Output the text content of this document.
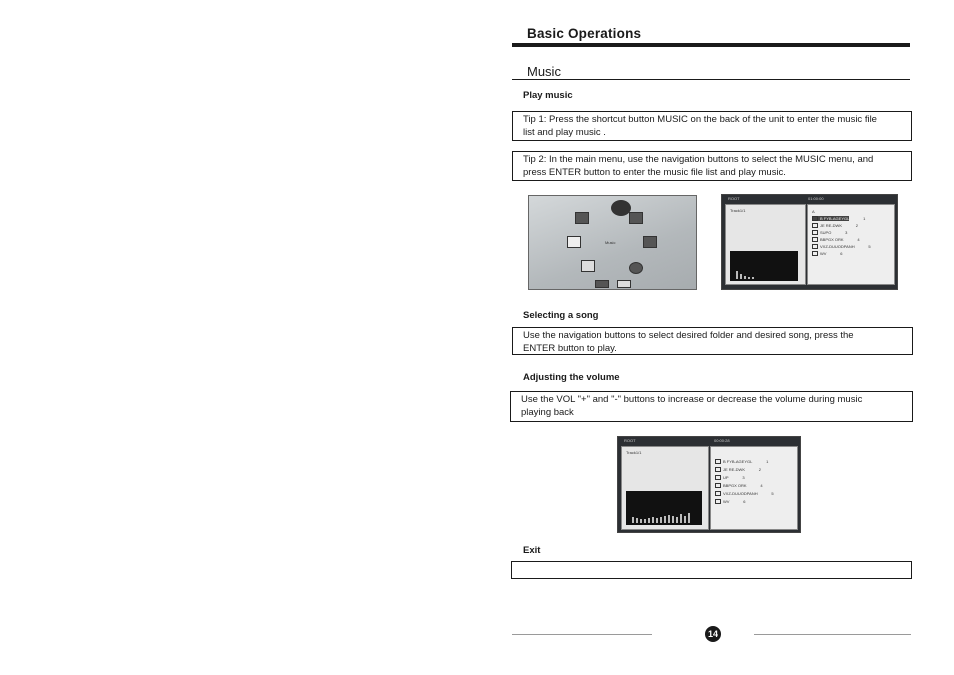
Basic Operations
Music
Play music
Tip 1: Press the shortcut button MUSIC on the back of the unit to enter the music file
list and play music .
Tip 2: In the main menu, use the navigation buttons to select the MUSIC menu, and
press ENTER button to enter the music file list and play music.
Music
ROOT	01:00:00
Track1/1	A
B FYB-AGEYGL	1
JE RE-DWK	2
SUPO	3
BBPGX ORK	4
VXZ-DUUODPANH	5
WV	6
Selecting a song
Use the navigation buttons to select desired folder and desired song, press the
ENTER button to play.
Adjusting the volume
Use the VOL "+" and "-" buttons to increase or decrease the volume during music
playing back
ROOT	00:00:28
Track1/1
B FYB-AGEYGL	1
JE RE-DWK	2
UP	3
BBPGX ORK	4
VXZ-DUUODPANH	5
WV	6
Exit
14
